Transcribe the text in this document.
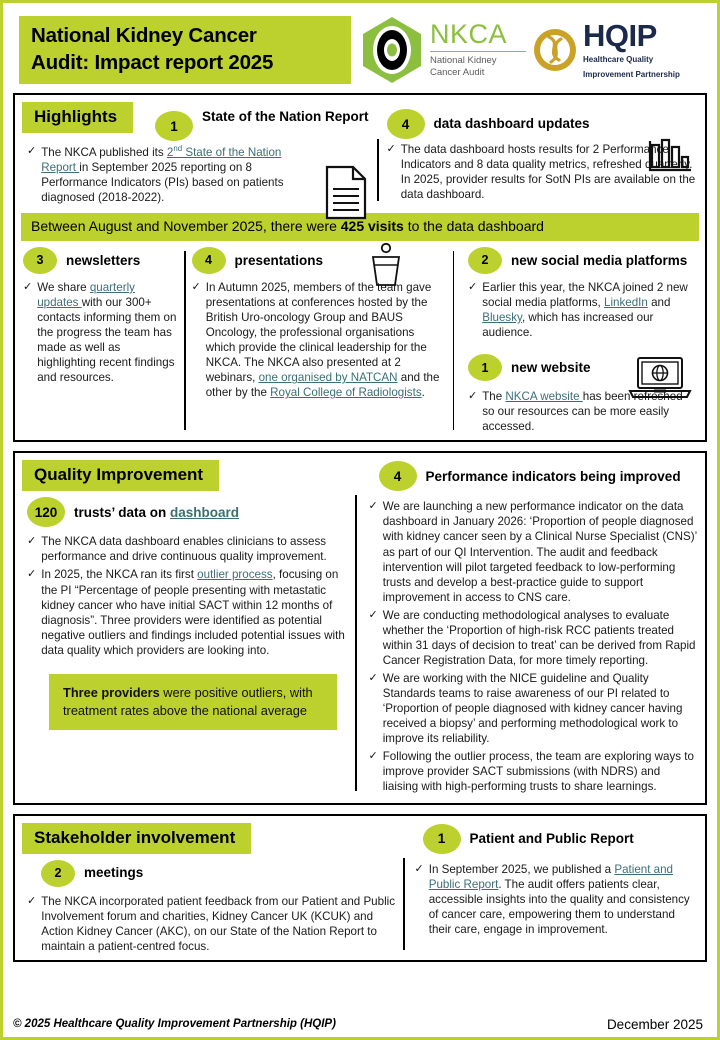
National Kidney Cancer
Audit: Impact report 2025
NKCA
National Kidney
Cancer Audit
HQIP
Healthcare Quality
Improvement Partnership
Highlights	1
State of the Nation Report
✓ The NKCA published its 2nd State of the Nation Report in September 2025 reporting on 8 Performance Indicators (PIs) based on patients diagnosed (2018-2022).

4	data dashboard updates
✓ The data dashboard hosts results for 2 Performance Indicators and 8 data quality metrics, refreshed quarterly. In 2025, provider results for SotN PIs are available on the data dashboard.

Between August and November 2025, there were 425 visits to the data dashboard
3	newsletters
✓ We share quarterly updates with our 300+ contacts informing them on the progress the team has made as well as highlighting recent findings and resources.

4	presentations
✓ In Autumn 2025, members of the team gave presentations at conferences hosted by the British Uro-oncology Group and BAUS Oncology, the professional organisations which provide the clinical leadership for the NKCA. The NKCA also presented at 2 webinars, one organised by NATCAN and the other by the Royal College of Radiologists.

2	new social media platforms
✓ Earlier this year, the NKCA joined 2 new social media platforms, LinkedIn and Bluesky, which has increased our audience.

1	new website
✓ The NKCA website has been refreshed so our resources can be more easily accessed.

Quality Improvement
120	trusts’ data on dashboard
✓ The NKCA data dashboard enables clinicians to assess performance and drive continuous quality improvement.

✓ In 2025, the NKCA ran its first outlier process, focusing on the PI “Percentage of people presenting with metastatic kidney cancer who have initial SACT within 12 months of diagnosis”. Three providers were identified as potential negative outliers and findings included potential issues with data quality which providers are looking into.

Three providers were positive outliers, with treatment rates above the national average
4	Performance indicators being improved
✓ We are launching a new performance indicator on the data dashboard in January 2026: ‘Proportion of people diagnosed with kidney cancer seen by a Clinical Nurse Specialist (CNS)’ as part of our QI Intervention. The audit and feedback intervention will pilot targeted feedback to low-performing trusts and develop a best-practice guide to support improvement in access to CNS care.

✓ We are conducting methodological analyses to evaluate whether the ‘Proportion of high-risk RCC patients treated within 31 days of decision to treat’ can be derived from Rapid Cancer Registration Data, for more timely reporting.

✓ We are working with the NICE guideline and Quality Standards teams to raise awareness of our PI related to ‘Proportion of people diagnosed with kidney cancer having received a biopsy’ and performing methodological work to improve its reliability.

✓ Following the outlier process, the team are exploring ways to improve provider SACT submissions (with NDRS) and liaising with high-performing trusts to share learnings.

Stakeholder involvement
2	meetings
✓ The NKCA incorporated patient feedback from our Patient and Public Involvement forum and charities, Kidney Cancer UK (KCUK) and Action Kidney Cancer (AKC), on our State of the Nation Report to maintain a patient-centred focus.

1	Patient and Public Report
✓ In September 2025, we published a Patient and Public Report. The audit offers patients clear, accessible insights into the quality and consistency of cancer care, empowering them to understand their care, engage in improvement.

© 2025 Healthcare Quality Improvement Partnership (HQIP)	December 2025
